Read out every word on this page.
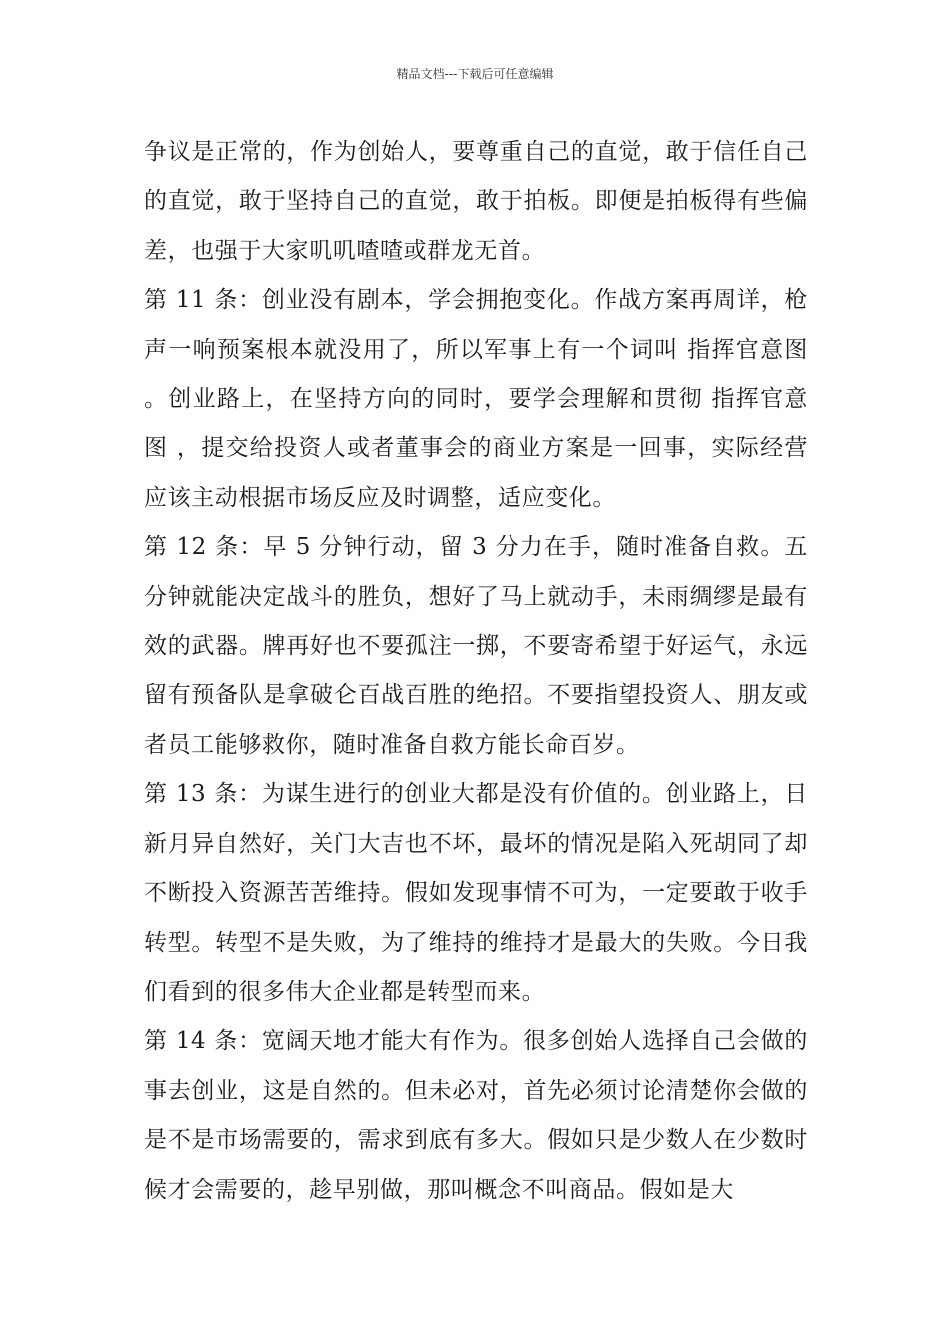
精品文档---下载后可任意编辑

争议是正常的，作为创始人，要尊重自己的直觉，敢于信任自己的直觉，敢于坚持自己的直觉，敢于拍板。即便是拍板得有些偏差，也强于大家叽叽喳喳或群龙无首。

第 11 条：创业没有剧本，学会拥抱变化。作战方案再周详，枪声一响预案根本就没用了，所以军事上有一个词叫 指挥官意图 。创业路上，在坚持方向的同时，要学会理解和贯彻 指挥官意图 ，提交给投资人或者董事会的商业方案是一回事，实际经营应该主动根据市场反应及时调整，适应变化。

第 12 条：早 5 分钟行动，留 3 分力在手，随时准备自救。五分钟就能决定战斗的胜负，想好了马上就动手，未雨绸缪是最有效的武器。牌再好也不要孤注一掷，不要寄希望于好运气，永远留有预备队是拿破仑百战百胜的绝招。不要指望投资人、朋友或者员工能够救你，随时准备自救方能长命百岁。

第 13 条：为谋生进行的创业大都是没有价值的。创业路上，日新月异自然好，关门大吉也不坏，最坏的情况是陷入死胡同了却不断投入资源苦苦维持。假如发现事情不可为，一定要敢于收手转型。转型不是失败，为了维持的维持才是最大的失败。今日我们看到的很多伟大企业都是转型而来。

第 14 条：宽阔天地才能大有作为。很多创始人选择自己会做的事去创业，这是自然的。但未必对，首先必须讨论清楚你会做的是不是市场需要的，需求到底有多大。假如只是少数人在少数时候才会需要的，趁早别做，那叫概念不叫商品。假如是大
